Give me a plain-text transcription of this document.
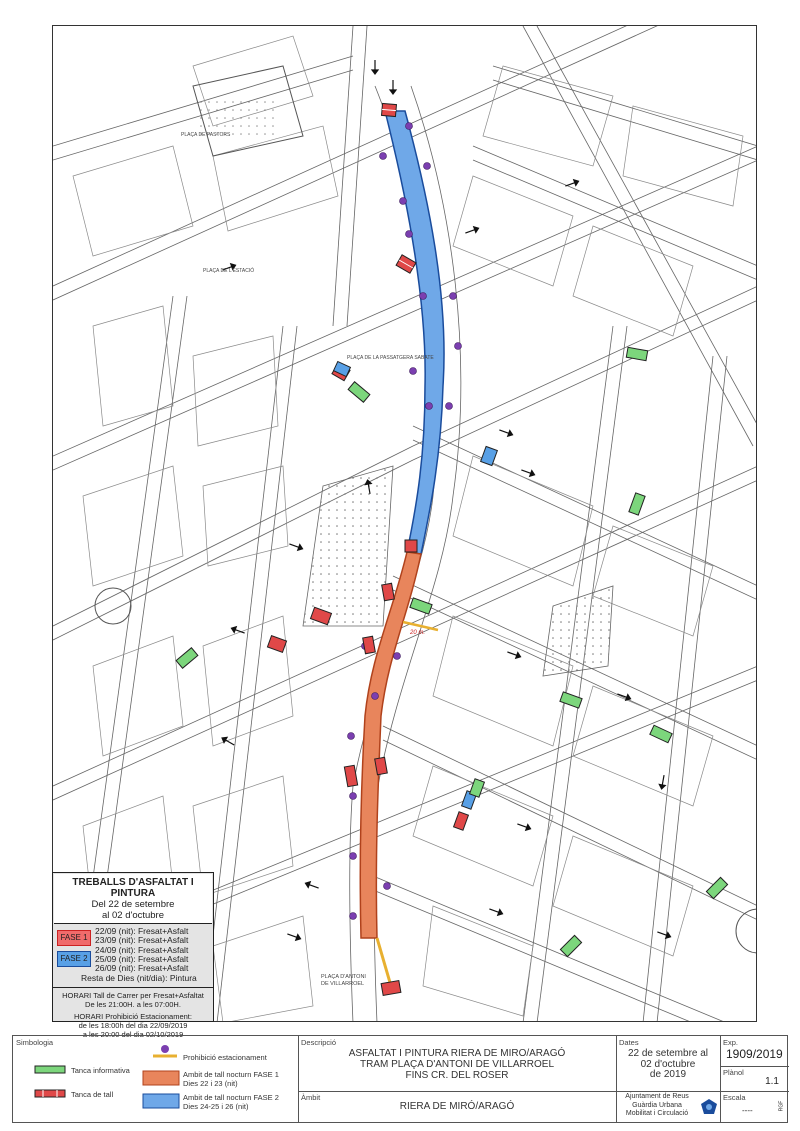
PLAÇA DE PASTORS
PLAÇA DE L'ESTACIÓ
PLAÇA DE LA PASSATGERA SABATE
PLAÇA D'ANTONI
DE VILLARROEL
20 m.
TREBALLS D'ASFALTAT I PINTURA
Del 22 de setembre
al 02 d'octubre
FASE 1
FASE 2
22/09 (nit): Fresat+Asfalt
23/09 (nit): Fresat+Asfalt
24/09 (nit): Fresat+Asfalt
25/09 (nit): Fresat+Asfalt
26/09 (nit): Fresat+Asfalt
Resta de Dies (nit/dia): Pintura
HORARI Tall de Carrer per Fresat+Asfaltat
De les 21:00H. a les 07:00H.
HORARI Prohibició Estacionament:
de les 18:00h del dia 22/09/2019
a les 20:00 del dia 02/10/2019
Simbologia
Tanca informativa
Tanca de tall
Prohibició estacionament
Ambit de tall nocturn FASE 1
Dies 22 i 23 (nit)
Ambit de tall nocturn FASE 2
Dies 24-25 i 26 (nit)
Descripció
ASFALTAT I PINTURA RIERA DE MIRO/ARAGÓ
TRAM PLAÇA D'ANTONI DE VILLARROEL
FINS CR. DEL ROSER
Àmbit
RIERA DE MIRÓ/ARAGÓ
Dates
22 de setembre al
02 d'octubre
de 2019
Ajuntament de Reus
Guàrdia Urbana
Mobilitat i Circulació
Exp.
1909/2019
Plànol
1.1
Escala
----	RGF
